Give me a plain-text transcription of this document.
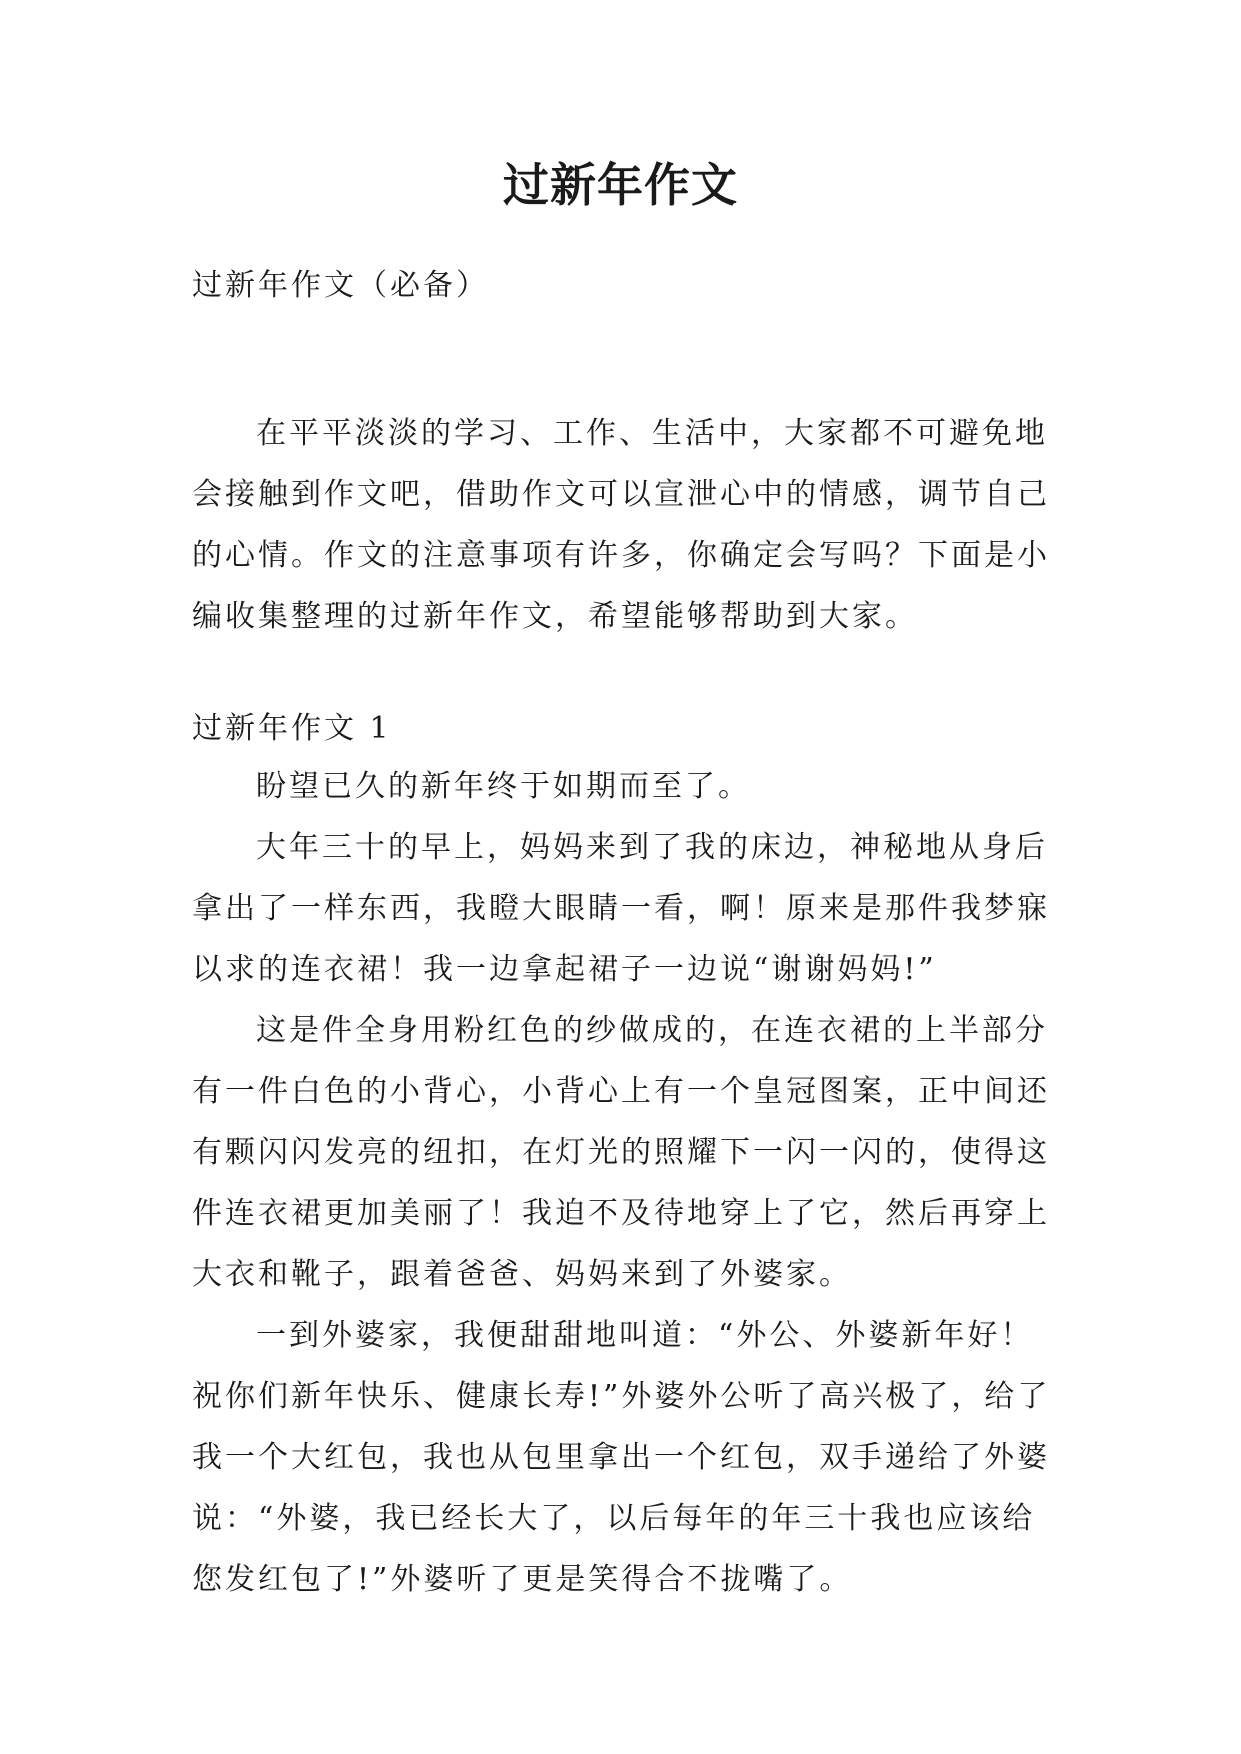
过新年作文

过新年作文（必备）

在平平淡淡的学习、工作、生活中，大家都不可避免地会接触到作文吧，借助作文可以宣泄心中的情感，调节自己的心情。作文的注意事项有许多，你确定会写吗？下面是小编收集整理的过新年作文，希望能够帮助到大家。

过新年作文 1

盼望已久的新年终于如期而至了。

大年三十的早上，妈妈来到了我的床边，神秘地从身后拿出了一样东西，我瞪大眼睛一看，啊！原来是那件我梦寐以求的连衣裙！我一边拿起裙子一边说“谢谢妈妈!”

这是件全身用粉红色的纱做成的，在连衣裙的上半部分有一件白色的小背心，小背心上有一个皇冠图案，正中间还有颗闪闪发亮的纽扣，在灯光的照耀下一闪一闪的，使得这件连衣裙更加美丽了！我迫不及待地穿上了它，然后再穿上大衣和靴子，跟着爸爸、妈妈来到了外婆家。

一到外婆家，我便甜甜地叫道：“外公、外婆新年好！祝你们新年快乐、健康长寿!”外婆外公听了高兴极了，给了我一个大红包，我也从包里拿出一个红包，双手递给了外婆说：“外婆，我已经长大了，以后每年的年三十我也应该给您发红包了!”外婆听了更是笑得合不拢嘴了。
